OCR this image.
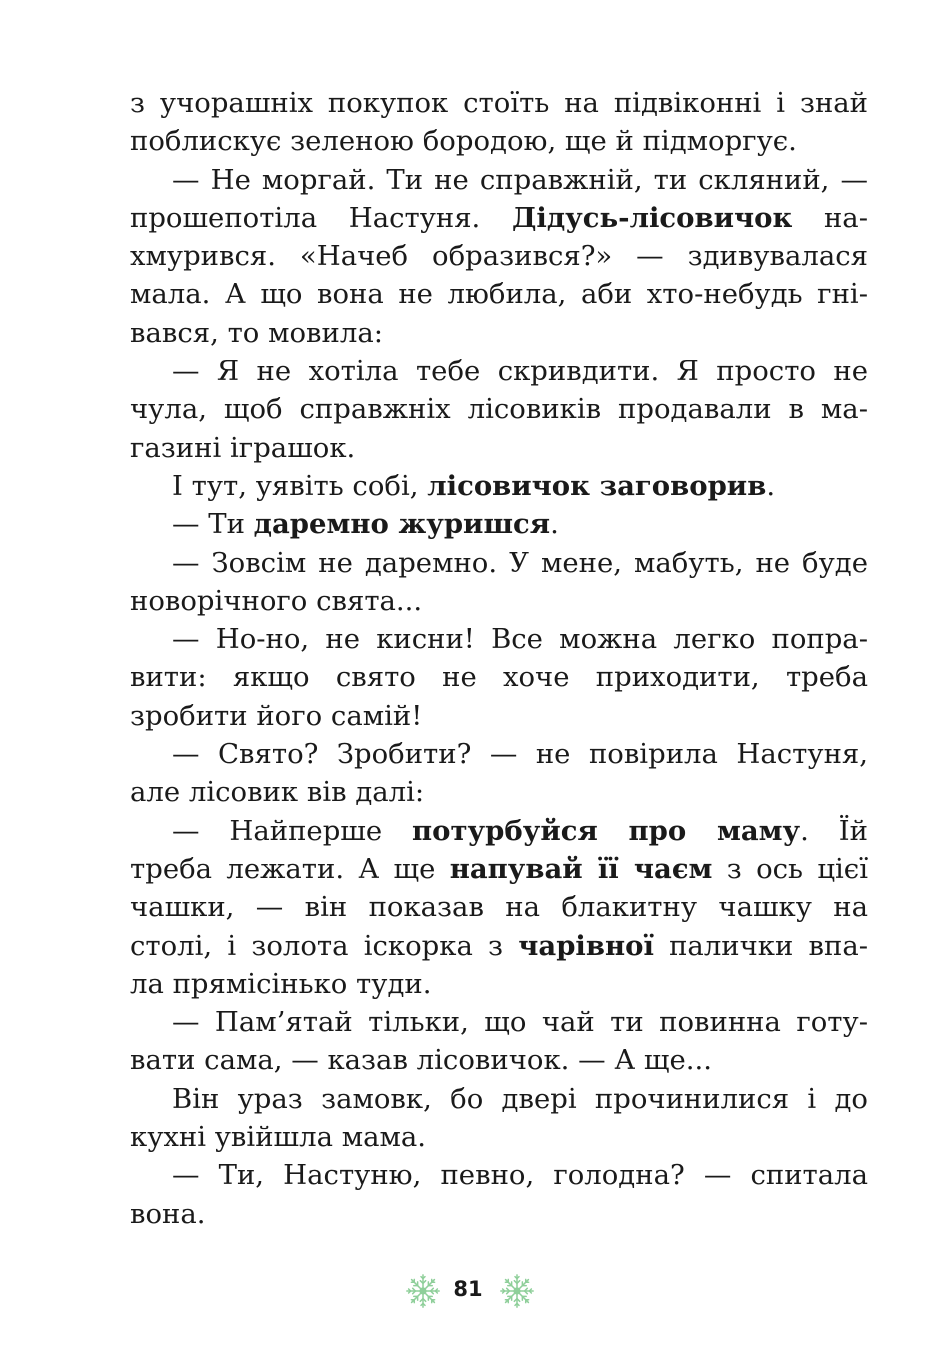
з учорашніх покупок стоїть на підвіконні і знай
поблискує зеленою бородою, ще й підморгує.
— Не моргай. Ти не справжній, ти скляний, —
прошепотіла Настуня. Дідусь-лісовичок на-
хмурився. «Начеб образився?» — здивувалася
мала. А що вона не любила, аби хто-небудь гні-
вався, то мовила:
— Я не хотіла тебе скривдити. Я просто не
чула, щоб справжніх лісовиків продавали в ма-
газині іграшок.
І тут, уявіть собі, лісовичок заговорив.
— Ти даремно журишся.
— Зовсім не даремно. У мене, мабуть, не буде
новорічного свята...
— Но-но, не кисни! Все можна легко попра-
вити: якщо свято не хоче приходити, треба
зробити його самій!
— Свято? Зробити? — не повірила Настуня,
але лісовик вів далі:
— Найперше потурбуйся про маму. Їй
треба лежати. А ще напувай її чаєм з ось цієї
чашки, — він показав на блакитну чашку на
столі, і золота іскорка з чарівної палички впа-
ла прямісінько туди.
— Пам’ятай тільки, що чай ти повинна готу-
вати сама, — казав лісовичок. — А ще...
Він ураз замовк, бо двері прочинилися і до
кухні увійшла мама.
— Ти, Настуню, певно, голодна? — спитала
вона.
81
